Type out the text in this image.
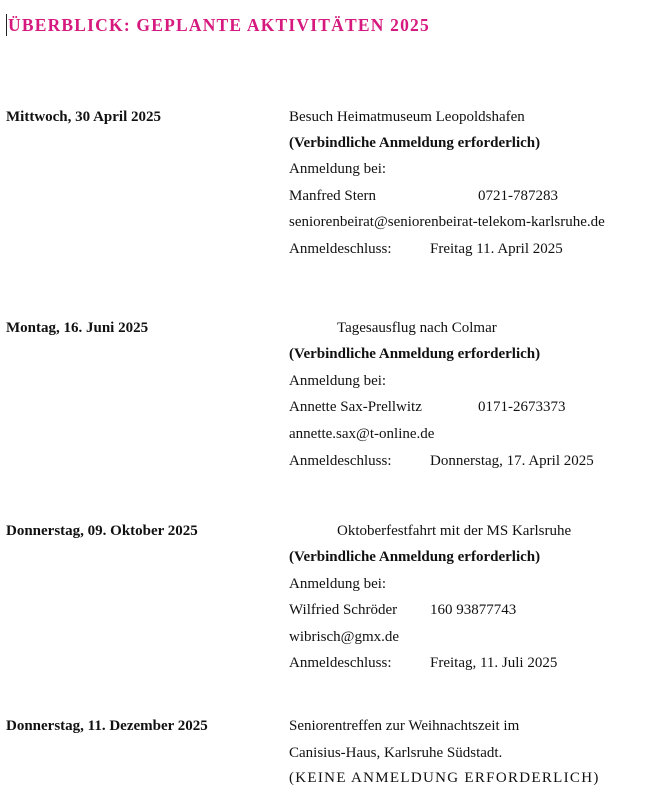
ÜBERBLICK: GEPLANTE AKTIVITÄTEN 2025
Mittwoch, 30 April 2025	Besuch Heimatmuseum Leopoldshafen
(Verbindliche Anmeldung erforderlich)
Anmeldung bei:
Manfred Stern	0721-787283
seniorenbeirat@seniorenbeirat-telekom-karlsruhe.de
Anmeldeschluss:	Freitag 11. April 2025
Montag, 16. Juni 2025	Tagesausflug nach Colmar
(Verbindliche Anmeldung erforderlich)
Anmeldung bei:
Annette Sax-Prellwitz	0171-2673373
annette.sax@t-online.de
Anmeldeschluss:	Donnerstag, 17. April 2025
Donnerstag, 09. Oktober 2025	Oktoberfestfahrt mit der MS Karlsruhe
(Verbindliche Anmeldung erforderlich)
Anmeldung bei:
Wilfried Schröder 160 93877743
wibrisch@gmx.de
Anmeldeschluss:	Freitag, 11. Juli 2025
Donnerstag, 11. Dezember 2025	Seniorentreffen zur Weihnachtszeit im
Canisius-Haus, Karlsruhe Südstadt.
(KEINE ANMELDUNG ERFORDERLICH)
